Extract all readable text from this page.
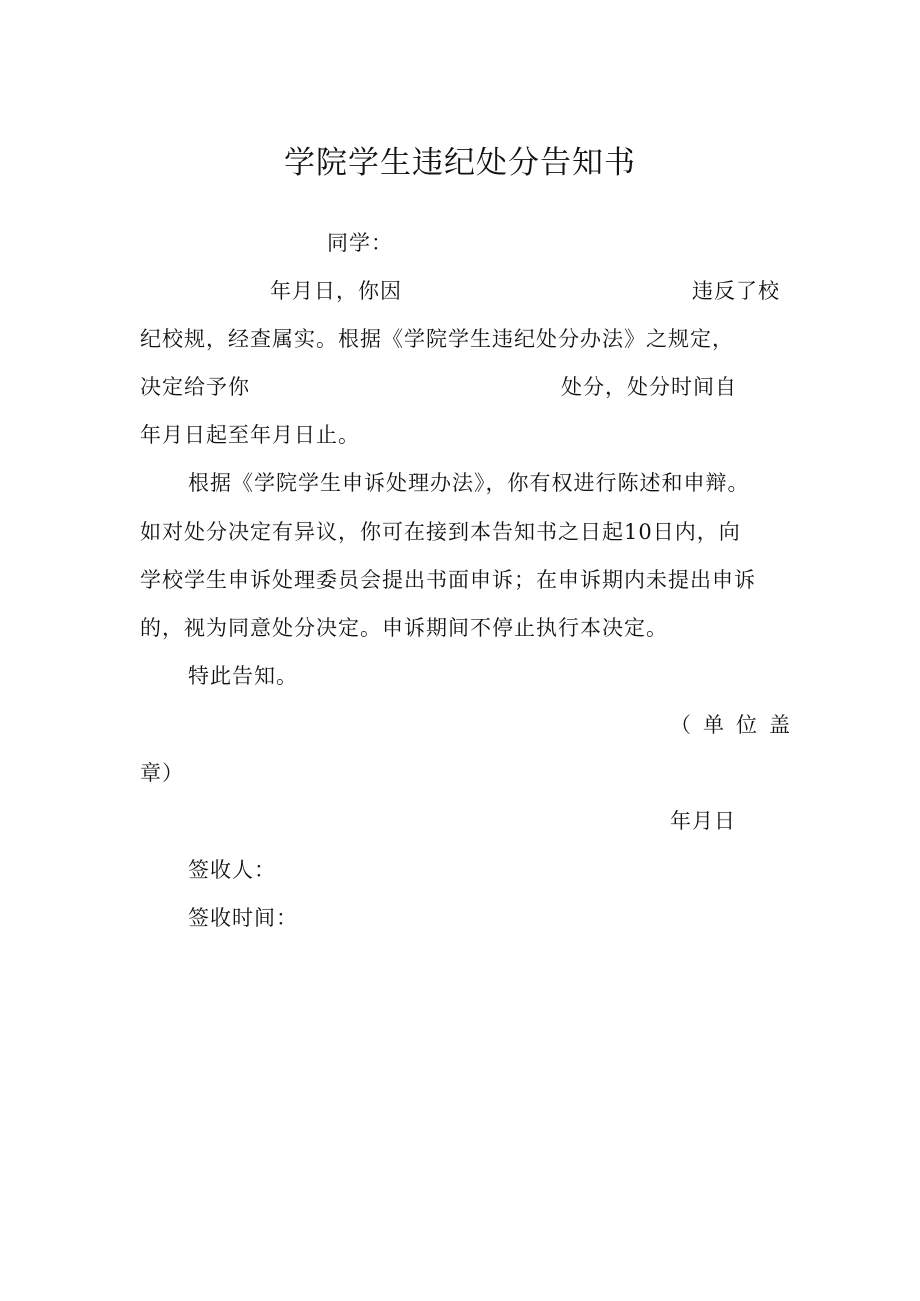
学院学生违纪处分告知书
同学：
年月日，你因	违反了校
纪校规，经查属实。根据《学院学生违纪处分办法》之规定，
决定给予你	处分，处分时间自
年月日起至年月日止。
根据《学院学生申诉处理办法》，你有权进行陈述和申辩。
如对处分决定有异议，你可在接到本告知书之日起10日内，向
学校学生申诉处理委员会提出书面申诉；在申诉期内未提出申诉
的，视为同意处分决定。申诉期间不停止执行本决定。
特此告知。
（单位盖
章）
年月日
签收人：
签收时间：
